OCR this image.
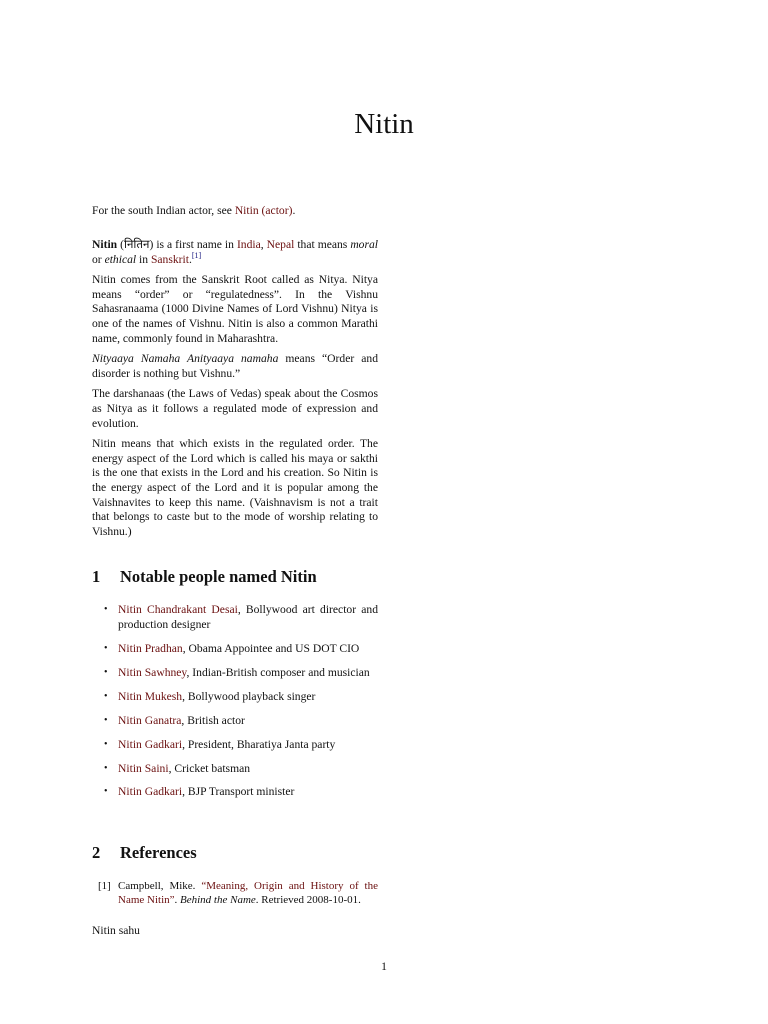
Nitin

For the south Indian actor, see Nitin (actor).

Nitin (नितिन) is a first name in India, Nepal that means moral or ethical in Sanskrit.[1]

Nitin comes from the Sanskrit Root called as Nitya. Nitya means “order” or “regulatedness”. In the Vishnu Sahasranaama (1000 Divine Names of Lord Vishnu) Nitya is one of the names of Vishnu. Nitin is also a common Marathi name, commonly found in Maharashtra.

Nityaaya Namaha Anityaaya namaha means “Order and disorder is nothing but Vishnu.”

The darshanaas (the Laws of Vedas) speak about the Cosmos as Nitya as it follows a regulated mode of expression and evolution.

Nitin means that which exists in the regulated order. The energy aspect of the Lord which is called his maya or sakthi is the one that exists in the Lord and his creation. So Nitin is the energy aspect of the Lord and it is popular among the Vaishnavites to keep this name. (Vaishnavism is not a trait that belongs to caste but to the mode of worship relating to Vishnu.)

1 Notable people named Nitin
• Nitin Chandrakant Desai, Bollywood art director and production designer
• Nitin Pradhan, Obama Appointee and US DOT CIO
• Nitin Sawhney, Indian-British composer and musician
• Nitin Mukesh, Bollywood playback singer
• Nitin Ganatra, British actor
• Nitin Gadkari, President, Bharatiya Janta party
• Nitin Saini, Cricket batsman
• Nitin Gadkari, BJP Transport minister
2 References
[1] Campbell, Mike. “Meaning, Origin and History of the Name Nitin”. Behind the Name. Retrieved 2008-10-01.

Nitin sahu

1
